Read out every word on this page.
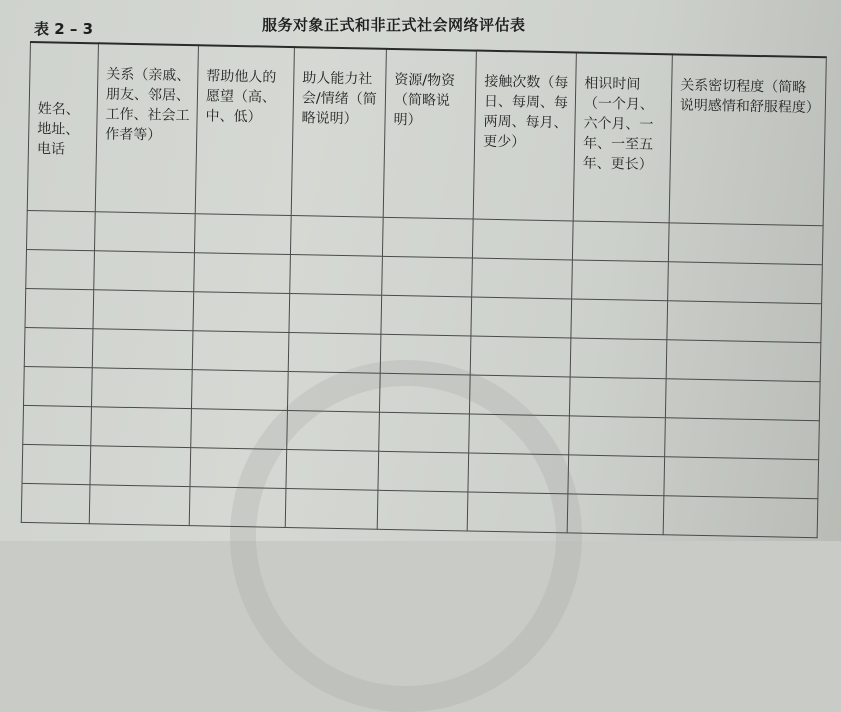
表 2 – 3	服务对象正式和非正式社会网络评估表
姓名、地址、电话	关系（亲戚、朋友、邻居、工作、社会工作者等）	帮助他人的愿望（高、中、低）	助人能力社会/情绪（简略说明）	资源/物资（简略说明）	接触次数（每日、每周、每两周、每月、更少）	相识时间（一个月、六个月、一年、一至五年、更长）	关系密切程度（简略说明感情和舒服程度）
